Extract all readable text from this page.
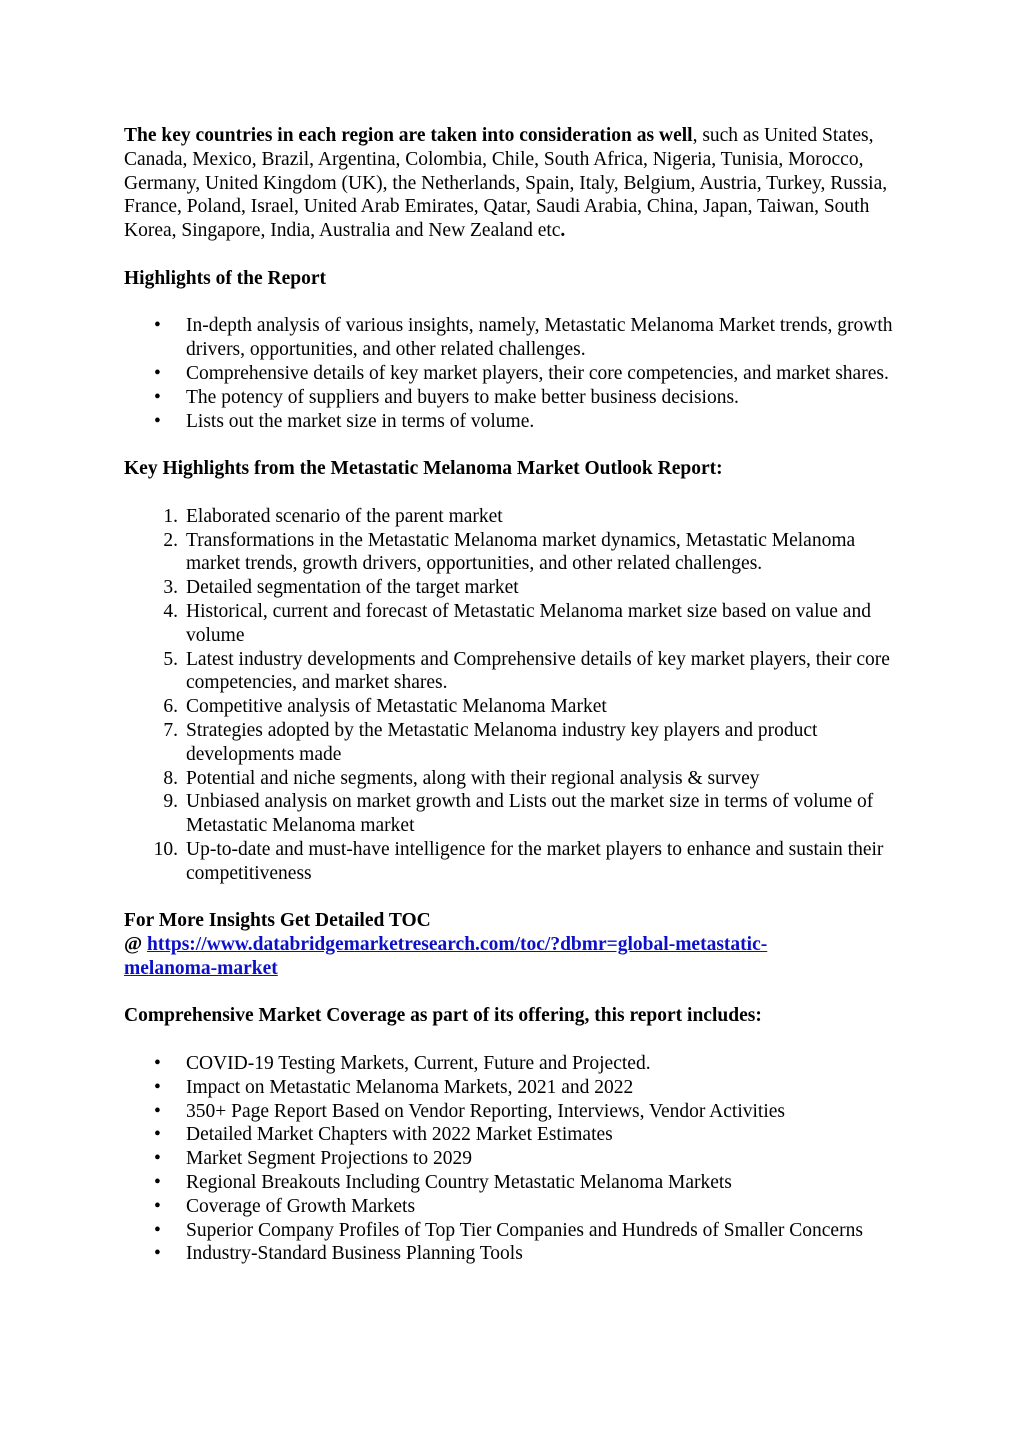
The key countries in each region are taken into consideration as well, such as United States, Canada, Mexico, Brazil, Argentina, Colombia, Chile, South Africa, Nigeria, Tunisia, Morocco, Germany, United Kingdom (UK), the Netherlands, Spain, Italy, Belgium, Austria, Turkey, Russia, France, Poland, Israel, United Arab Emirates, Qatar, Saudi Arabia, China, Japan, Taiwan, South Korea, Singapore, India, Australia and New Zealand etc.

Highlights of the Report

•	In-depth analysis of various insights, namely, Metastatic Melanoma Market trends, growth drivers, opportunities, and other related challenges.
•	Comprehensive details of key market players, their core competencies, and market shares.
•	The potency of suppliers and buyers to make better business decisions.
•	Lists out the market size in terms of volume.

Key Highlights from the Metastatic Melanoma Market Outlook Report:

1. Elaborated scenario of the parent market
2. Transformations in the Metastatic Melanoma market dynamics, Metastatic Melanoma market trends, growth drivers, opportunities, and other related challenges.
3. Detailed segmentation of the target market
4. Historical, current and forecast of Metastatic Melanoma market size based on value and volume
5. Latest industry developments and Comprehensive details of key market players, their core competencies, and market shares.
6. Competitive analysis of Metastatic Melanoma Market
7. Strategies adopted by the Metastatic Melanoma industry key players and product developments made
8. Potential and niche segments, along with their regional analysis & survey
9. Unbiased analysis on market growth and Lists out the market size in terms of volume of Metastatic Melanoma market
10. Up-to-date and must-have intelligence for the market players to enhance and sustain their competitiveness

For More Insights Get Detailed TOC

@ https://www.databridgemarketresearch.com/toc/?dbmr=global-metastatic-
melanoma-market

Comprehensive Market Coverage as part of its offering, this report includes:

•	COVID-19 Testing Markets, Current, Future and Projected.
•	Impact on Metastatic Melanoma Markets, 2021 and 2022
•	350+ Page Report Based on Vendor Reporting, Interviews, Vendor Activities
•	Detailed Market Chapters with 2022 Market Estimates
•	Market Segment Projections to 2029
•	Regional Breakouts Including Country Metastatic Melanoma Markets
•	Coverage of Growth Markets
•	Superior Company Profiles of Top Tier Companies and Hundreds of Smaller Concerns
•	Industry-Standard Business Planning Tools
